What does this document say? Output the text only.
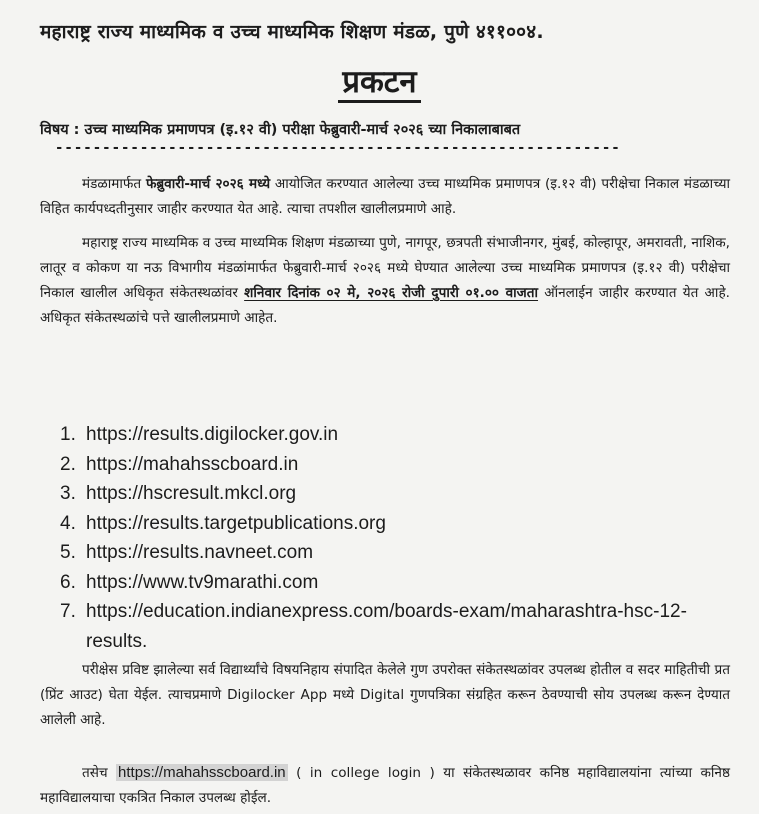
महाराष्ट्र राज्य माध्यमिक व उच्च माध्यमिक शिक्षण मंडळ, पुणे ४११००४.
प्रकटन
विषय : उच्च माध्यमिक प्रमाणपत्र (इ.१२ वी) परीक्षा फेब्रुवारी-मार्च २०२६ च्या निकालाबाबत
------------------------------------------------------------
मंडळामार्फत फेब्रुवारी-मार्च २०२६ मध्ये आयोजित करण्यात आलेल्या उच्च माध्यमिक प्रमाणपत्र (इ.१२ वी) परीक्षेचा निकाल मंडळाच्या विहित कार्यपध्दतीनुसार जाहीर करण्यात येत आहे. त्याचा तपशील खालीलप्रमाणे आहे.
महाराष्ट्र राज्य माध्यमिक व उच्च माध्यमिक शिक्षण मंडळाच्या पुणे, नागपूर, छत्रपती संभाजीनगर, मुंबई, कोल्हापूर, अमरावती, नाशिक, लातूर व कोकण या नऊ विभागीय मंडळांमार्फत फेब्रुवारी-मार्च २०२६ मध्ये घेण्यात आलेल्या उच्च माध्यमिक प्रमाणपत्र (इ.१२ वी) परीक्षेचा निकाल खालील अधिकृत संकेतस्थळांवर शनिवार दिनांक ०२ मे, २०२६ रोजी दुपारी ०१.०० वाजता ऑनलाईन जाहीर करण्यात येत आहे. अधिकृत संकेतस्थळांचे पत्ते खालीलप्रमाणे आहेत.
1. https://results.digilocker.gov.in
2. https://mahahsscboard.in
3. https://hscresult.mkcl.org
4. https://results.targetpublications.org
5. https://results.navneet.com
6. https://www.tv9marathi.com
7. https://education.indianexpress.com/boards-exam/maharashtra-hsc-12-results.
परीक्षेस प्रविष्ट झालेल्या सर्व विद्यार्थ्यांचे विषयनिहाय संपादित केलेले गुण उपरोक्त संकेतस्थळांवर उपलब्ध होतील व सदर माहितीची प्रत (प्रिंट आउट) घेता येईल. त्याचप्रमाणे Digilocker App मध्ये Digital गुणपत्रिका संग्रहित करून ठेवण्याची सोय उपलब्ध करून देण्यात आलेली आहे.
तसेच https://mahahsscboard.in ( in college login ) या संकेतस्थळावर कनिष्ठ महाविद्यालयांना त्यांच्या कनिष्ठ महाविद्यालयाचा एकत्रित निकाल उपलब्ध होईल.
